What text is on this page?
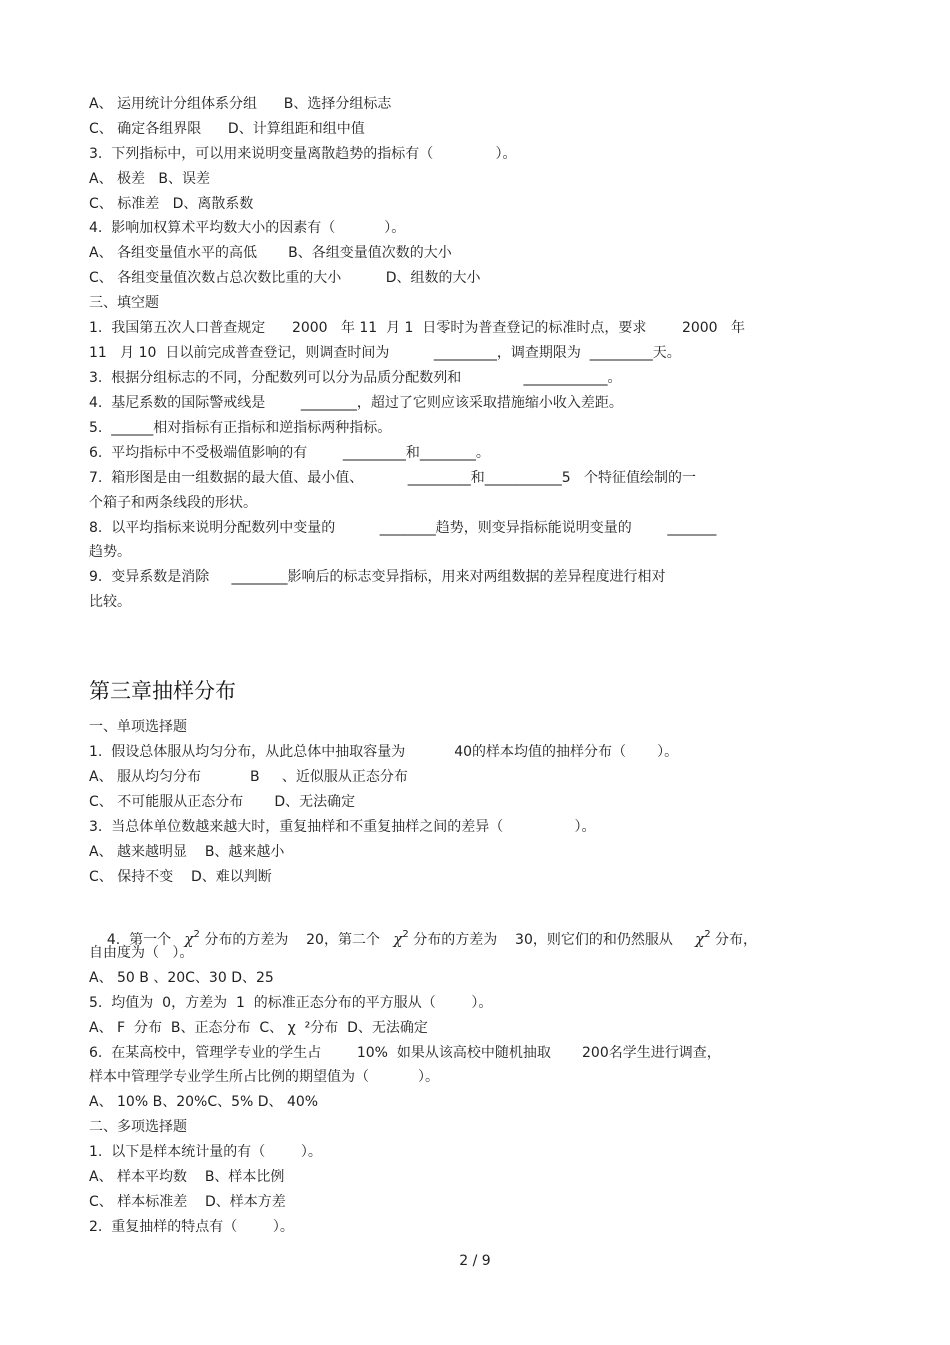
A、 运用统计分组体系分组      B、选择分组标志
C、 确定各组界限      D、计算组距和组中值
3.  下列指标中，可以用来说明变量离散趋势的指标有（              ）。
A、 极差   B、误差
C、 标准差   D、离散系数
4.  影响加权算术平均数大小的因素有（           ）。
A、 各组变量值水平的高低       B、各组变量值次数的大小
C、 各组变量值次数占总次数比重的大小          D、组数的大小
三、填空题
1.  我国第五次人口普查规定      2000   年 11  月 1  日零时为普查登记的标准时点，要求        2000   年
11   月 10  日以前完成普查登记，则调查时间为          _________，调查期限为  _________天。
3.  根据分组标志的不同，分配数列可以分为品质分配数列和              ____________。
4.  基尼系数的国际警戒线是        ________，超过了它则应该采取措施缩小收入差距。
5.  ______相对指标有正指标和逆指标两种指标。
6.  平均指标中不受极端值影响的有        _________和________。
7.  箱形图是由一组数据的最大值、最小值、          _________和___________5   个特征值绘制的一
个箱子和两条线段的形状。
8.  以平均指标来说明分配数列中变量的          ________趋势，则变异指标能说明变量的        _______
趋势。
9.  变异系数是消除     ________影响后的标志变异指标，用来对两组数据的差异程度进行相对
比较。
第三章抽样分布
一、单项选择题
1.  假设总体服从均匀分布，从此总体中抽取容量为           40的样本均值的抽样分布（       ）。
A、 服从均匀分布           B     、近似服从正态分布
C、 不可能服从正态分布       D、无法确定
3.  当总体单位数越来越大时，重复抽样和不重复抽样之间的差异（                ）。
A、 越来越明显    B、越来越小
C、 保持不变    D、难以判断

4.  第一个   $\chi^2$ 分布的方差为    20，第二个   $\chi^2$ 分布的方差为    30，则它们的和仍然服从     $\chi^2$ 分布，

自由度为（   ）。
A、 50 B 、20C、30 D、25
5.  均值为  0，方差为  1  的标准正态分布的平方服从（        ）。
A、 F  分布  B、正态分布  C、 χ  ²分布  D、无法确定
6.  在某高校中，管理学专业的学生占        10%  如果从该高校中随机抽取       200名学生进行调查，
样本中管理学专业学生所占比例的期望值为（           ）。
A、 10% B、20%C、5% D、 40%
二、多项选择题
1.  以下是样本统计量的有（        ）。
A、 样本平均数    B、样本比例
C、 样本标准差    D、样本方差
2.  重复抽样的特点有（        ）。
2 / 9
